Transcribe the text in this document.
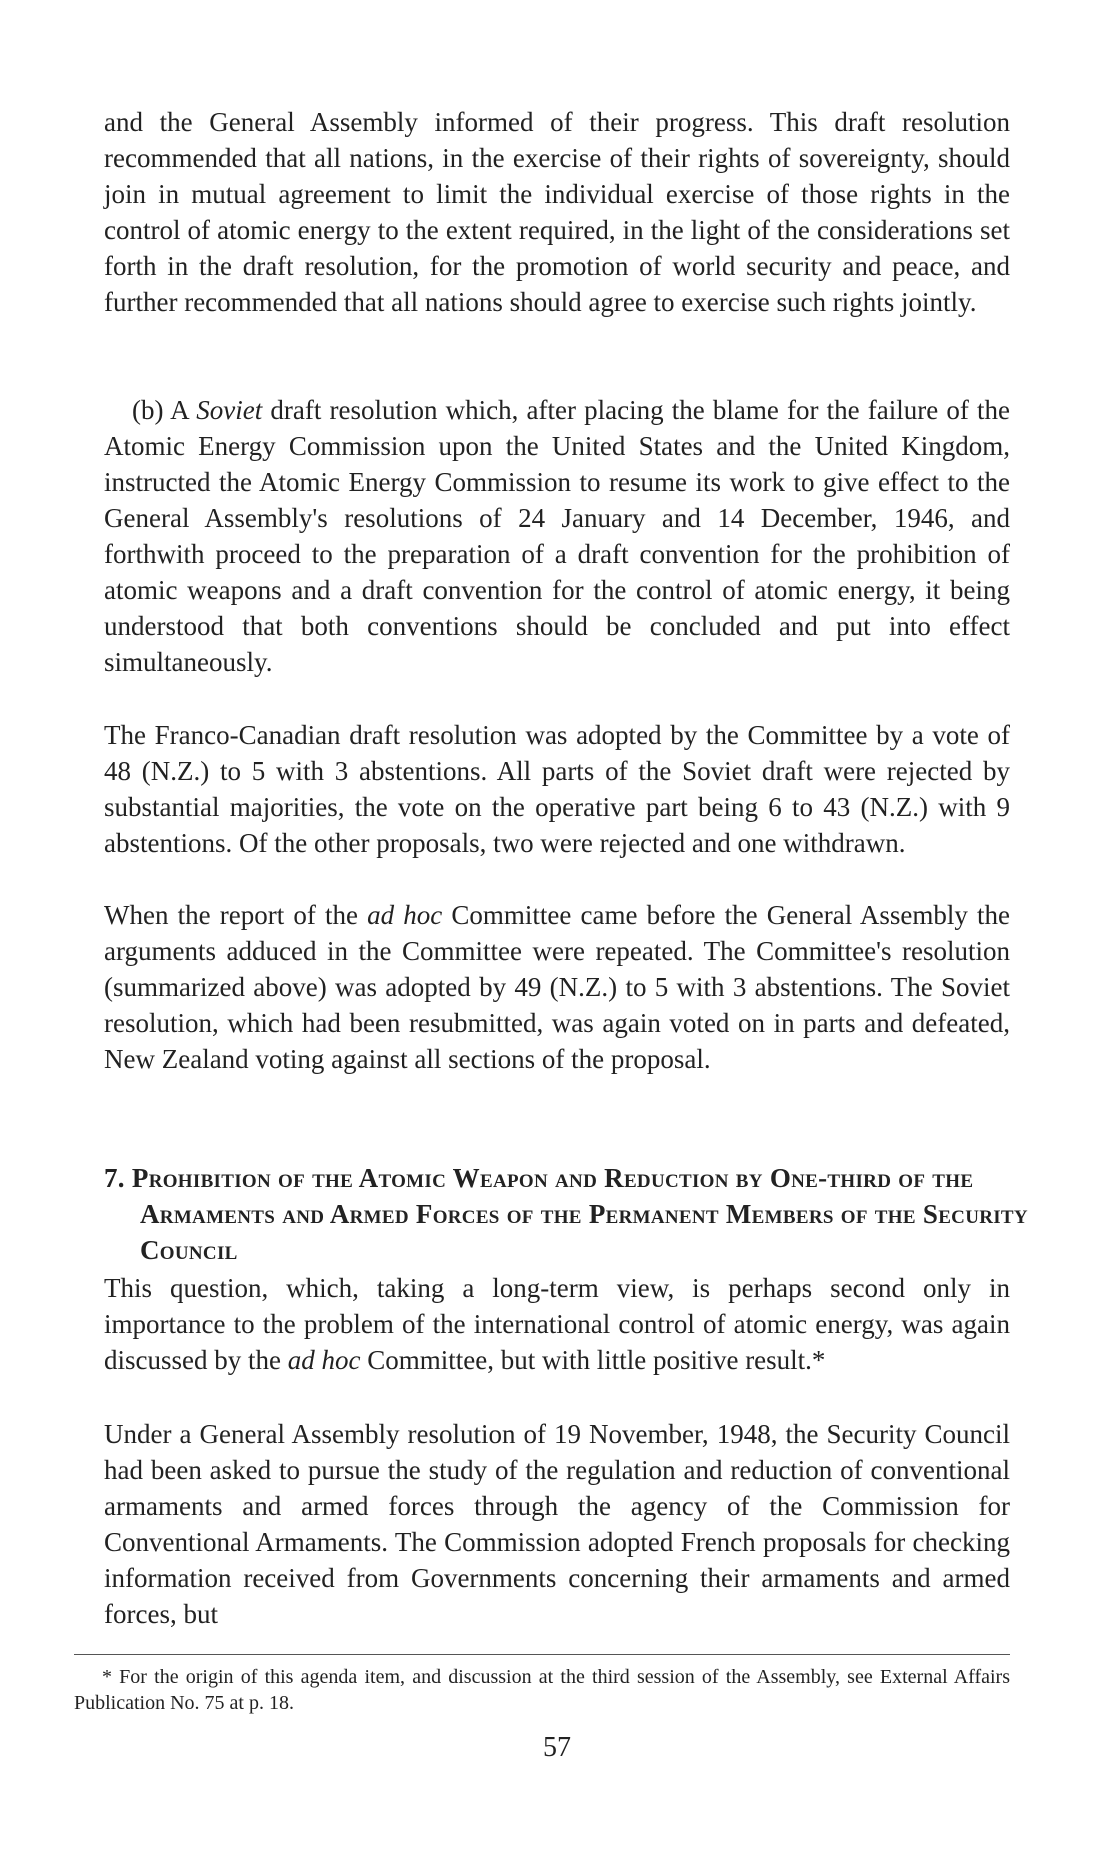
and the General Assembly informed of their progress. This draft resolution recommended that all nations, in the exercise of their rights of sovereignty, should join in mutual agreement to limit the individual exercise of those rights in the control of atomic energy to the extent required, in the light of the considerations set forth in the draft resolution, for the promotion of world security and peace, and further recommended that all nations should agree to exercise such rights jointly.

(b) A Soviet draft resolution which, after placing the blame for the failure of the Atomic Energy Commission upon the United States and the United Kingdom, instructed the Atomic Energy Commission to resume its work to give effect to the General Assembly's resolutions of 24 January and 14 December, 1946, and forthwith proceed to the preparation of a draft convention for the prohibition of atomic weapons and a draft convention for the control of atomic energy, it being understood that both conventions should be concluded and put into effect simultaneously.

The Franco-Canadian draft resolution was adopted by the Committee by a vote of 48 (N.Z.) to 5 with 3 abstentions. All parts of the Soviet draft were rejected by substantial majorities, the vote on the operative part being 6 to 43 (N.Z.) with 9 abstentions. Of the other proposals, two were rejected and one withdrawn.

When the report of the ad hoc Committee came before the General Assembly the arguments adduced in the Committee were repeated. The Committee's resolution (summarized above) was adopted by 49 (N.Z.) to 5 with 3 abstentions. The Soviet resolution, which had been resubmitted, was again voted on in parts and defeated, New Zealand voting against all sections of the proposal.

7. Prohibition of the Atomic Weapon and Reduction by One-third of the Armaments and Armed Forces of the Permanent Members of the Security Council

This question, which, taking a long-term view, is perhaps second only in importance to the problem of the international control of atomic energy, was again discussed by the ad hoc Committee, but with little positive result.*

Under a General Assembly resolution of 19 November, 1948, the Security Council had been asked to pursue the study of the regulation and reduction of conventional armaments and armed forces through the agency of the Commission for Conventional Armaments. The Commission adopted French proposals for checking information received from Governments concerning their armaments and armed forces, but

* For the origin of this agenda item, and discussion at the third session of the Assembly, see External Affairs Publication No. 75 at p. 18.

57
